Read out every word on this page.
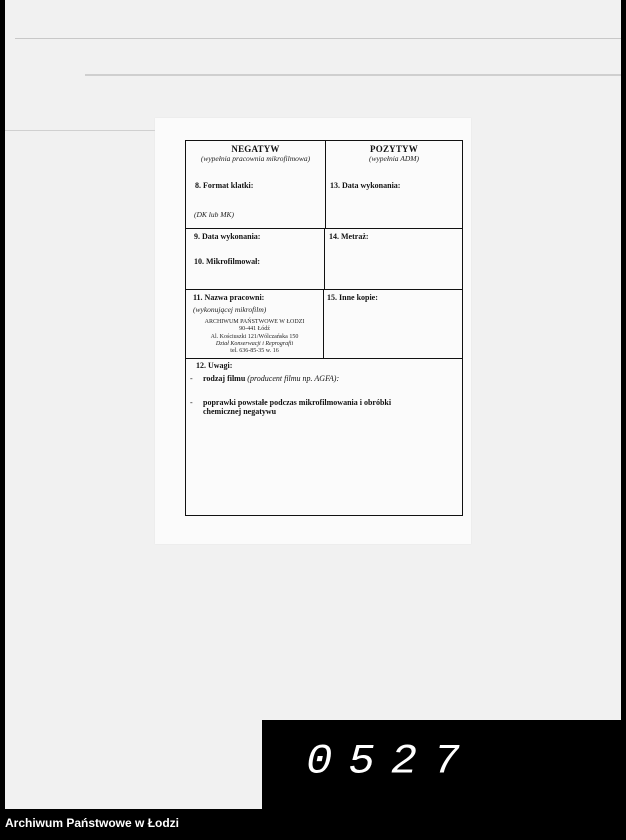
NEGATYW
(wypełnia pracownia mikrofilmowa)
8. Format klatki:
(DK lub MK)
POZYTYW
(wypełnia ADM)
13. Data wykonania:
9. Data wykonania:
10. Mikrofilmował:
14. Metraż:
11. Nazwa pracowni:
(wykonującej mikrofilm)
ARCHIWUM PAŃSTWOWE W ŁODZI
90-441 Łódź
Al. Kościuszki 121/Wólczańska 150
Dział Konserwacji i Reprografii
tel. 636-85-35 w. 16
15. Inne kopie:
12. Uwagi:
- rodzaj filmu (producent filmu np. AGFA):
- poprawki powstałe podczas mikrofilmowania i obróbki
chemicznej negatywu
0527
Archiwum Państwowe w Łodzi
